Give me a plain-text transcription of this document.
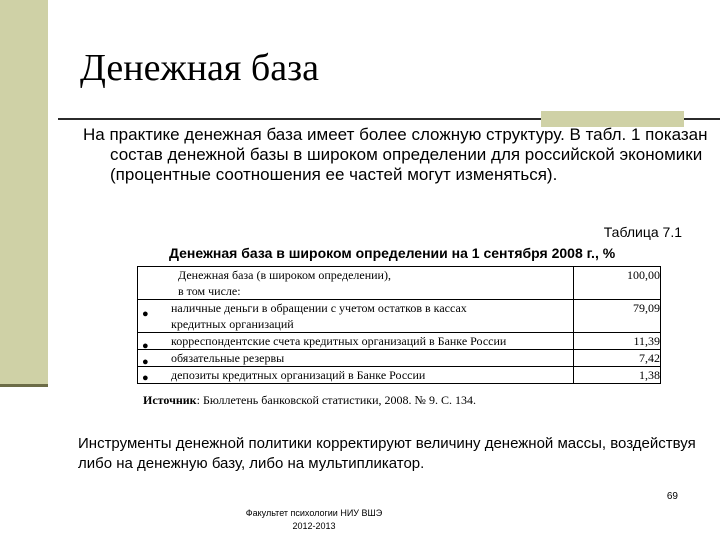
Денежная база
На практике денежная база имеет более сложную структуру. В табл. 1 показан состав денежной базы в широком определении для российской экономики (процентные соотношения ее частей могут изменяться).
Таблица 7.1
Денежная база в широком определении на 1 сентября 2008 г., %
Денежная база (в широком определении),
в том числе:	100,00

наличные деньги в обращении с учетом остатков в кассах
кредитных организаций	79,09

корреспондентские счета кредитных организаций в Банке России	11,39

обязательные резервы	7,42

депозиты кредитных организаций в Банке России	1,38
●
●
●
●
Источник: Бюллетень банковской статистики, 2008. № 9. С. 134.
Инструменты денежной политики корректируют величину денежной массы, воздействуя либо на денежную базу, либо на мультипликатор.
69
Факультет психологии НИУ ВШЭ
2012-2013
